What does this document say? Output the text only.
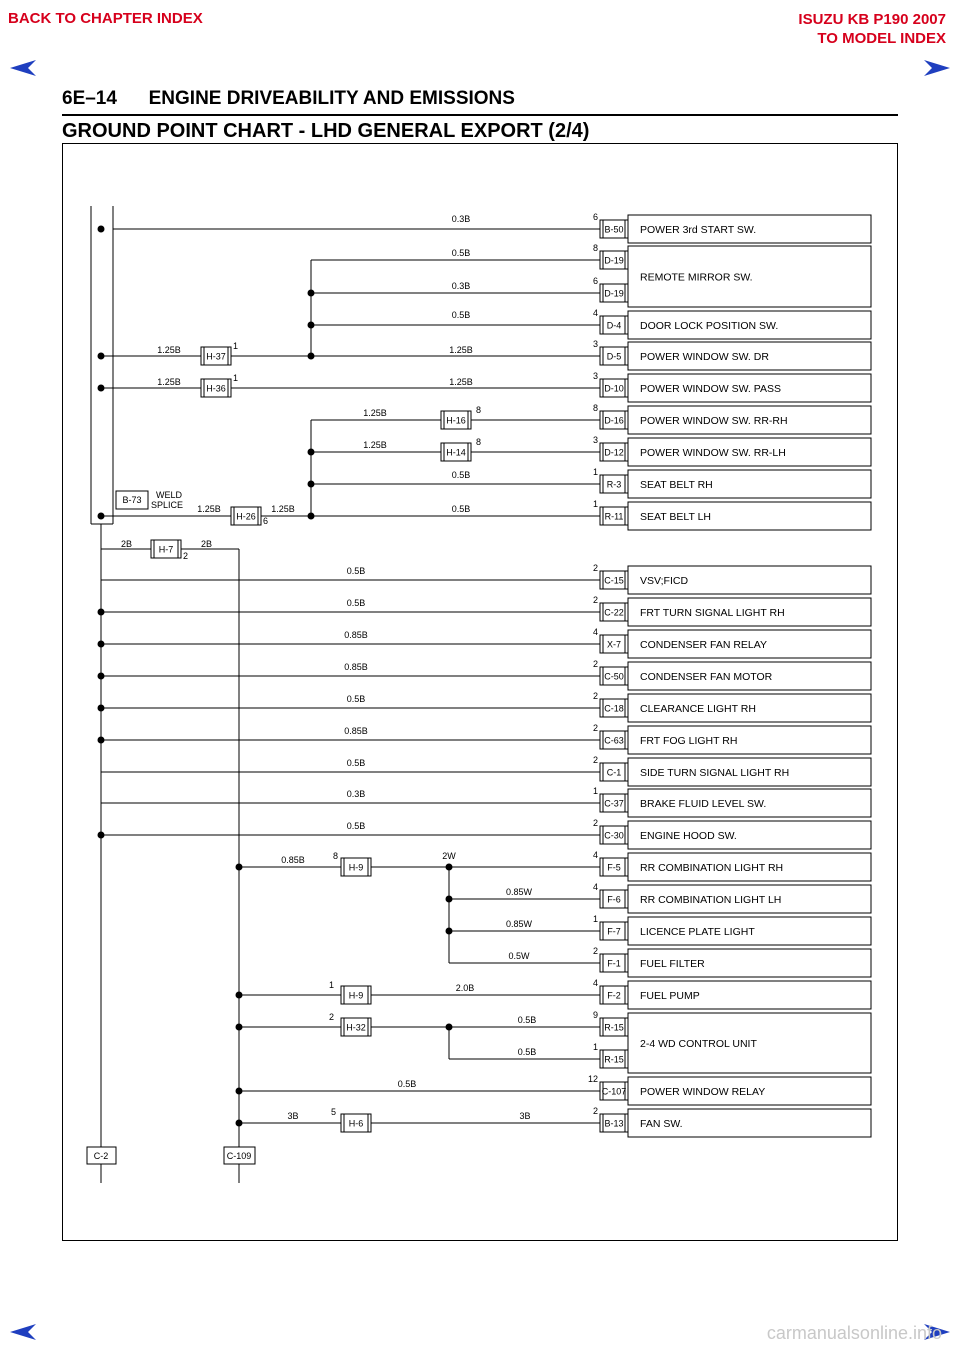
BACK TO CHAPTER INDEX	ISUZU KB P190 2007
TO MODEL INDEX
6E–14      ENGINE DRIVEABILITY AND EMISSIONS
GROUND POINT CHART - LHD GENERAL EXPORT (2/4)
H-7
2B	2B
2
POWER 3rd START SW.
REMOTE MIRROR SW.
DOOR LOCK POSITION SW.
POWER WINDOW SW. DR
POWER WINDOW SW. PASS
POWER WINDOW SW. RR-RH
POWER WINDOW SW. RR-LH
SEAT BELT RH
SEAT BELT LH
VSV;FICD
FRT TURN SIGNAL LIGHT RH
CONDENSER FAN RELAY
CONDENSER FAN MOTOR
CLEARANCE LIGHT RH
FRT FOG LIGHT RH
SIDE TURN SIGNAL LIGHT RH
BRAKE FLUID LEVEL SW.
ENGINE HOOD SW.
RR COMBINATION LIGHT RH
RR COMBINATION LIGHT LH
LICENCE PLATE LIGHT
FUEL FILTER
FUEL PUMP
2-4 WD CONTROL UNIT
POWER WINDOW RELAY
FAN SW.
B-50
6
D-19
8
D-19
6
D-4
4
D-5
3
D-10
3
D-16
8
D-12
3
R-3
1
R-11
1
C-15
2
C-22
2
X-7
4
C-50
2
C-18
2
C-63
2
C-1
2
C-37
1
C-30
2
F-5
4
F-6
4
F-7
1
F-1
2
F-2
4
R-15
9
R-15
1
C-107
12
B-13
2
0.3B
0.5B
0.3B
0.5B
H-37
1.25B	1	1.25B
H-36
1.25B	1	1.25B
H-16
1.25B	8
H-14
1.25B	8
0.5B
H-26
1.25B	1.25B
6
0.5B
B-73 WELD
SPLICE
0.5B
0.5B
0.85B
0.85B
0.5B
0.85B
0.5B
0.3B
0.5B
H-9
0.85B	8	2W
0.85W
0.85W
0.5W
H-9
1	2.0B
H-32
2	0.5B
0.5B
0.5B
H-6
3B	5	3B
C-2	C-109
carmanualsonline.info
